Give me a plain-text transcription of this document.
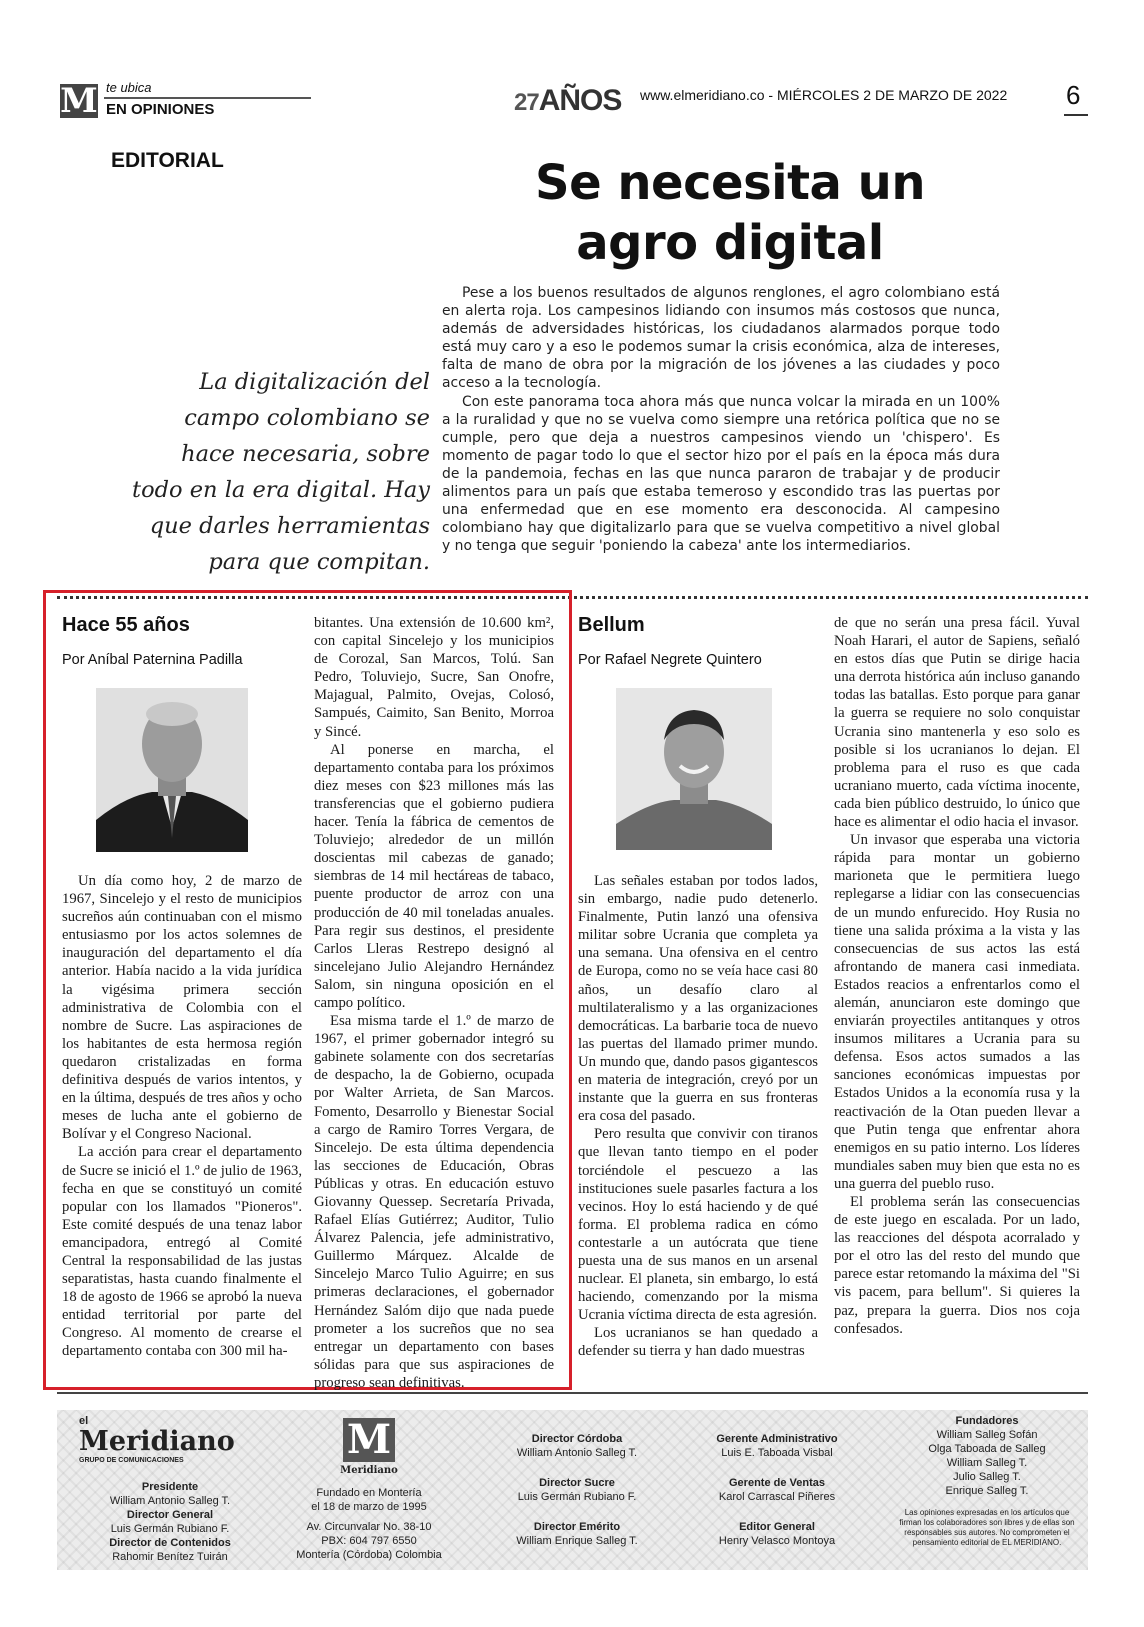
M te ubica
EN OPINIONES	27AÑOS www.elmeridiano.co - MIÉRCOLES 2 DE MARZO DE 2022 6
EDITORIAL	Se necesita un
agro digital
La digitalización del campo colombiano se hace necesaria, sobre todo en la era digital. Hay que darles herramientas para que compitan.

Pese a los buenos resultados de algunos renglones, el agro colombiano está en alerta roja. Los campesinos lidiando con insumos más costosos que nunca, además de adversidades históricas, los ciudadanos alarmados porque todo está muy caro y a eso le podemos sumar la crisis económica, alza de intereses, falta de mano de obra por la migración de los jóvenes a las ciudades y poco acceso a la tecnología.

Con este panorama toca ahora más que nunca volcar la mirada en un 100% a la ruralidad y que no se vuelva como siempre una retórica política que no se cumple, pero que deja a nuestros campesinos viendo un 'chispero'. Es momento de pagar todo lo que el sector hizo por el país en la época más dura de la pandemoia, fechas en las que nunca pararon de trabajar y de producir alimentos para un país que estaba temeroso y escondido tras las puertas por una enfermedad que en ese momento era desconocida. Al campesino colombiano hay que digitalizarlo para que se vuelva competitivo a nivel global y no tenga que seguir 'poniendo la cabeza' ante los intermediarios.

Hace 55 años
Por Aníbal Paternina Padilla

Un día como hoy, 2 de marzo de 1967, Sincelejo y el resto de municipios sucreños aún continuaban con el mismo entusiasmo por los actos solemnes de inauguración del departamento el día anterior. Había nacido a la vida jurídica la vigésima primera sección administrativa de Colombia con el nombre de Sucre. Las aspiraciones de los habitantes de esta hermosa región quedaron cristalizadas en forma definitiva después de varios intentos, y en la última, después de tres años y ocho meses de lucha ante el gobierno de Bolívar y el Congreso Nacional.

La acción para crear el departamento de Sucre se inició el 1.º de julio de 1963, fecha en que se constituyó un comité popular con los llamados "Pioneros". Este comité después de una tenaz labor emancipadora, entregó al Comité Central la responsabilidad de las justas separatistas, hasta cuando finalmente el 18 de agosto de 1966 se aprobó la nueva entidad territorial por parte del Congreso. Al momento de crearse el departamento contaba con 300 mil ha-

bitantes. Una extensión de 10.600 km², con capital Sincelejo y los municipios de Corozal, San Marcos, Tolú. San Pedro, Toluviejo, Sucre, San Onofre, Majagual, Palmito, Ovejas, Colosó, Sampués, Caimito, San Benito, Morroa y Sincé.

Al ponerse en marcha, el departamento contaba para los próximos diez meses con $23 millones más las transferencias que el gobierno pudiera hacer. Tenía la fábrica de cementos de Toluviejo; alrededor de un millón doscientas mil cabezas de ganado; siembras de 14 mil hectáreas de tabaco, puente productor de arroz con una producción de 40 mil toneladas anuales. Para regir sus destinos, el presidente Carlos Lleras Restrepo designó al sincelejano Julio Alejandro Hernández Salom, sin ninguna oposición en el campo político.

Esa misma tarde el 1.º de marzo de 1967, el primer gobernador integró su gabinete solamente con dos secretarías de despacho, la de Gobierno, ocupada por Walter Arrieta, de San Marcos. Fomento, Desarrollo y Bienestar Social a cargo de Ramiro Torres Vergara, de Sincelejo. De esta última dependencia las secciones de Educación, Obras Públicas y otras. En educación estuvo Giovanny Quessep. Secretaría Privada, Rafael Elías Gutiérrez; Auditor, Tulio Álvarez Palencia, jefe administrativo, Guillermo Márquez. Alcalde de Sincelejo Marco Tulio Aguirre; en sus primeras declaraciones, el gobernador Hernández Salóm dijo que nada puede prometer a los sucreños que no sea entregar un departamento con bases sólidas para que sus aspiraciones de progreso sean definitivas.

Bellum
Por Rafael Negrete Quintero

Las señales estaban por todos lados, sin embargo, nadie pudo detenerlo. Finalmente, Putin lanzó una ofensiva militar sobre Ucrania que completa ya una semana. Una ofensiva en el centro de Europa, como no se veía hace casi 80 años, un desafío claro al multilateralismo y a las organizaciones democráticas. La barbarie toca de nuevo las puertas del llamado primer mundo. Un mundo que, dando pasos gigantescos en materia de integración, creyó por un instante que la guerra en sus fronteras era cosa del pasado.

Pero resulta que convivir con tiranos que llevan tanto tiempo en el poder torciéndole el pescuezo a las instituciones suele pasarles factura a los vecinos. Hoy lo está haciendo y de qué forma. El problema radica en cómo contestarle a un autócrata que tiene puesta una de sus manos en un arsenal nuclear. El planeta, sin embargo, lo está haciendo, comenzando por la misma Ucrania víctima directa de esta agresión.

Los ucranianos se han quedado a defender su tierra y han dado muestras

de que no serán una presa fácil. Yuval Noah Harari, el autor de Sapiens, señaló en estos días que Putin se dirige hacia una derrota histórica aún incluso ganando todas las batallas. Esto porque para ganar la guerra se requiere no solo conquistar Ucrania sino mantenerla y eso solo es posible si los ucranianos lo dejan. El problema para el ruso es que cada ucraniano muerto, cada víctima inocente, cada bien público destruido, lo único que hace es alimentar el odio hacia el invasor.

Un invasor que esperaba una victoria rápida para montar un gobierno marioneta que le permitiera luego replegarse a lidiar con las consecuencias de un mundo enfurecido. Hoy Rusia no tiene una salida próxima a la vista y las consecuencias de sus actos las está afrontando de manera casi inmediata. Estados reacios a enfrentarlos como el alemán, anunciaron este domingo que enviarán proyectiles antitanques y otros insumos militares a Ucrania para su defensa. Esos actos sumados a las sanciones económicas impuestas por Estados Unidos a la economía rusa y la reactivación de la Otan pueden llevar a que Putin tenga que enfrentar ahora enemigos en su patio interno. Los líderes mundiales saben muy bien que esta no es una guerra del pueblo ruso.

El problema serán las consecuencias de este juego en escalada. Por un lado, las reacciones del déspota acorralado y por el otro las del resto del mundo que parece estar retomando la máxima del "Si vis pacem, para bellum". Si quieres la paz, prepara la guerra. Dios nos coja confesados.

el
Meridiano
GRUPO DE COMUNICACIONES
Presidente
William Antonio Salleg T.
Director General
Luis Germán Rubiano F.
Director de Contenidos
Rahomir Benítez Tuirán
M
Meridiano
Fundado en Montería
el 18 de marzo de 1995
Av. Circunvalar No. 38-10
PBX: 604 797 6550
Montería (Córdoba) Colombia
Director Córdoba
William Antonio Salleg T.
Director Sucre
Luis Germán Rubiano F.
Director Emérito
William Enrique Salleg T.
Gerente Administrativo
Luis E. Taboada Visbal
Gerente de Ventas
Karol Carrascal Piñeres
Editor General
Henry Velasco Montoya
Fundadores
William Salleg Sofán
Olga Taboada de Salleg
William Salleg T.
Julio Salleg T.
Enrique Salleg T.
Las opiniones expresadas en los artículos que firman los colaboradores son libres y de ellas son responsables sus autores. No comprometen el pensamiento editorial de EL MERIDIANO.
